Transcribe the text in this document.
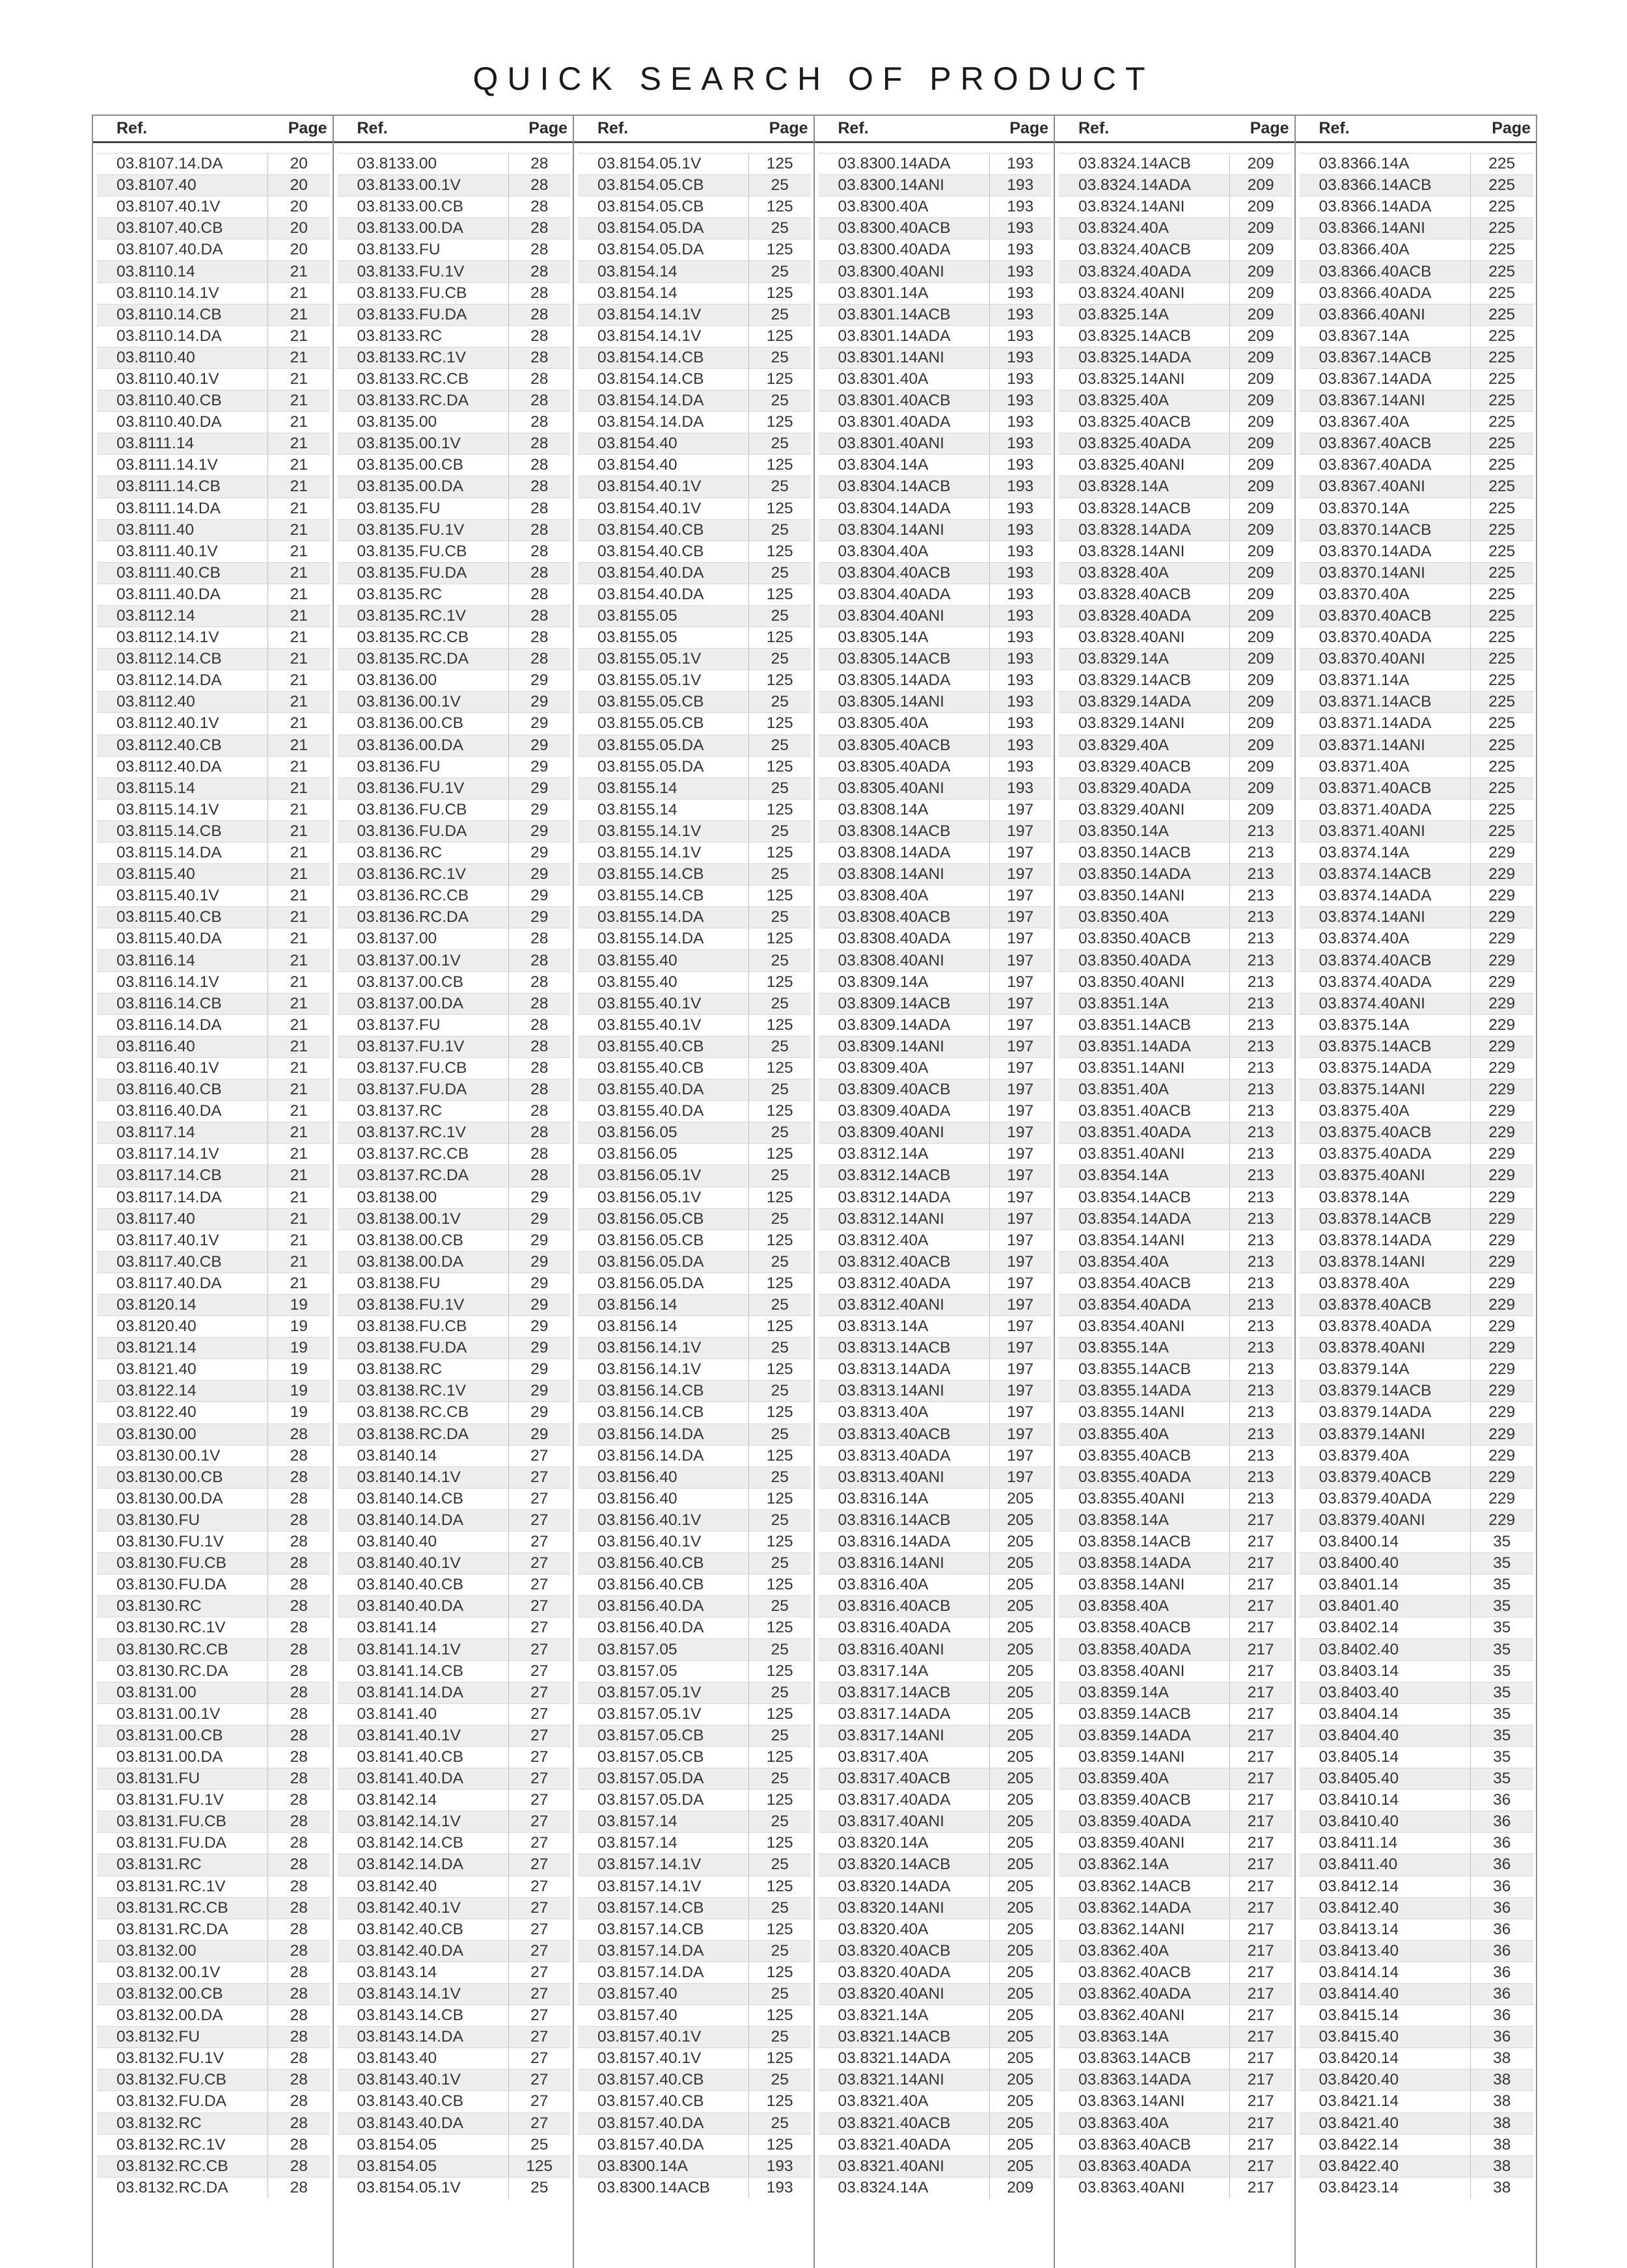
QUICK SEARCH OF PRODUCT
Ref.	Page
03.8107.14.DA	20
03.8107.40	20
03.8107.40.1V	20
03.8107.40.CB	20
03.8107.40.DA	20
03.8110.14	21
03.8110.14.1V	21
03.8110.14.CB	21
03.8110.14.DA	21
03.8110.40	21
03.8110.40.1V	21
03.8110.40.CB	21
03.8110.40.DA	21
03.8111.14	21
03.8111.14.1V	21
03.8111.14.CB	21
03.8111.14.DA	21
03.8111.40	21
03.8111.40.1V	21
03.8111.40.CB	21
03.8111.40.DA	21
03.8112.14	21
03.8112.14.1V	21
03.8112.14.CB	21
03.8112.14.DA	21
03.8112.40	21
03.8112.40.1V	21
03.8112.40.CB	21
03.8112.40.DA	21
03.8115.14	21
03.8115.14.1V	21
03.8115.14.CB	21
03.8115.14.DA	21
03.8115.40	21
03.8115.40.1V	21
03.8115.40.CB	21
03.8115.40.DA	21
03.8116.14	21
03.8116.14.1V	21
03.8116.14.CB	21
03.8116.14.DA	21
03.8116.40	21
03.8116.40.1V	21
03.8116.40.CB	21
03.8116.40.DA	21
03.8117.14	21
03.8117.14.1V	21
03.8117.14.CB	21
03.8117.14.DA	21
03.8117.40	21
03.8117.40.1V	21
03.8117.40.CB	21
03.8117.40.DA	21
03.8120.14	19
03.8120.40	19
03.8121.14	19
03.8121.40	19
03.8122.14	19
03.8122.40	19
03.8130.00	28
03.8130.00.1V	28
03.8130.00.CB	28
03.8130.00.DA	28
03.8130.FU	28
03.8130.FU.1V	28
03.8130.FU.CB	28
03.8130.FU.DA	28
03.8130.RC	28
03.8130.RC.1V	28
03.8130.RC.CB	28
03.8130.RC.DA	28
03.8131.00	28
03.8131.00.1V	28
03.8131.00.CB	28
03.8131.00.DA	28
03.8131.FU	28
03.8131.FU.1V	28
03.8131.FU.CB	28
03.8131.FU.DA	28
03.8131.RC	28
03.8131.RC.1V	28
03.8131.RC.CB	28
03.8131.RC.DA	28
03.8132.00	28
03.8132.00.1V	28
03.8132.00.CB	28
03.8132.00.DA	28
03.8132.FU	28
03.8132.FU.1V	28
03.8132.FU.CB	28
03.8132.FU.DA	28
03.8132.RC	28
03.8132.RC.1V	28
03.8132.RC.CB	28
03.8132.RC.DA	28
Ref.	Page
03.8133.00	28
03.8133.00.1V	28
03.8133.00.CB	28
03.8133.00.DA	28
03.8133.FU	28
03.8133.FU.1V	28
03.8133.FU.CB	28
03.8133.FU.DA	28
03.8133.RC	28
03.8133.RC.1V	28
03.8133.RC.CB	28
03.8133.RC.DA	28
03.8135.00	28
03.8135.00.1V	28
03.8135.00.CB	28
03.8135.00.DA	28
03.8135.FU	28
03.8135.FU.1V	28
03.8135.FU.CB	28
03.8135.FU.DA	28
03.8135.RC	28
03.8135.RC.1V	28
03.8135.RC.CB	28
03.8135.RC.DA	28
03.8136.00	29
03.8136.00.1V	29
03.8136.00.CB	29
03.8136.00.DA	29
03.8136.FU	29
03.8136.FU.1V	29
03.8136.FU.CB	29
03.8136.FU.DA	29
03.8136.RC	29
03.8136.RC.1V	29
03.8136.RC.CB	29
03.8136.RC.DA	29
03.8137.00	28
03.8137.00.1V	28
03.8137.00.CB	28
03.8137.00.DA	28
03.8137.FU	28
03.8137.FU.1V	28
03.8137.FU.CB	28
03.8137.FU.DA	28
03.8137.RC	28
03.8137.RC.1V	28
03.8137.RC.CB	28
03.8137.RC.DA	28
03.8138.00	29
03.8138.00.1V	29
03.8138.00.CB	29
03.8138.00.DA	29
03.8138.FU	29
03.8138.FU.1V	29
03.8138.FU.CB	29
03.8138.FU.DA	29
03.8138.RC	29
03.8138.RC.1V	29
03.8138.RC.CB	29
03.8138.RC.DA	29
03.8140.14	27
03.8140.14.1V	27
03.8140.14.CB	27
03.8140.14.DA	27
03.8140.40	27
03.8140.40.1V	27
03.8140.40.CB	27
03.8140.40.DA	27
03.8141.14	27
03.8141.14.1V	27
03.8141.14.CB	27
03.8141.14.DA	27
03.8141.40	27
03.8141.40.1V	27
03.8141.40.CB	27
03.8141.40.DA	27
03.8142.14	27
03.8142.14.1V	27
03.8142.14.CB	27
03.8142.14.DA	27
03.8142.40	27
03.8142.40.1V	27
03.8142.40.CB	27
03.8142.40.DA	27
03.8143.14	27
03.8143.14.1V	27
03.8143.14.CB	27
03.8143.14.DA	27
03.8143.40	27
03.8143.40.1V	27
03.8143.40.CB	27
03.8143.40.DA	27
03.8154.05	25
03.8154.05	125
03.8154.05.1V	25
Ref.	Page
03.8154.05.1V	125
03.8154.05.CB	25
03.8154.05.CB	125
03.8154.05.DA	25
03.8154.05.DA	125
03.8154.14	25
03.8154.14	125
03.8154.14.1V	25
03.8154.14.1V	125
03.8154.14.CB	25
03.8154.14.CB	125
03.8154.14.DA	25
03.8154.14.DA	125
03.8154.40	25
03.8154.40	125
03.8154.40.1V	25
03.8154.40.1V	125
03.8154.40.CB	25
03.8154.40.CB	125
03.8154.40.DA	25
03.8154.40.DA	125
03.8155.05	25
03.8155.05	125
03.8155.05.1V	25
03.8155.05.1V	125
03.8155.05.CB	25
03.8155.05.CB	125
03.8155.05.DA	25
03.8155.05.DA	125
03.8155.14	25
03.8155.14	125
03.8155.14.1V	25
03.8155.14.1V	125
03.8155.14.CB	25
03.8155.14.CB	125
03.8155.14.DA	25
03.8155.14.DA	125
03.8155.40	25
03.8155.40	125
03.8155.40.1V	25
03.8155.40.1V	125
03.8155.40.CB	25
03.8155.40.CB	125
03.8155.40.DA	25
03.8155.40.DA	125
03.8156.05	25
03.8156.05	125
03.8156.05.1V	25
03.8156.05.1V	125
03.8156.05.CB	25
03.8156.05.CB	125
03.8156.05.DA	25
03.8156.05.DA	125
03.8156.14	25
03.8156.14	125
03.8156.14.1V	25
03.8156.14.1V	125
03.8156.14.CB	25
03.8156.14.CB	125
03.8156.14.DA	25
03.8156.14.DA	125
03.8156.40	25
03.8156.40	125
03.8156.40.1V	25
03.8156.40.1V	125
03.8156.40.CB	25
03.8156.40.CB	125
03.8156.40.DA	25
03.8156.40.DA	125
03.8157.05	25
03.8157.05	125
03.8157.05.1V	25
03.8157.05.1V	125
03.8157.05.CB	25
03.8157.05.CB	125
03.8157.05.DA	25
03.8157.05.DA	125
03.8157.14	25
03.8157.14	125
03.8157.14.1V	25
03.8157.14.1V	125
03.8157.14.CB	25
03.8157.14.CB	125
03.8157.14.DA	25
03.8157.14.DA	125
03.8157.40	25
03.8157.40	125
03.8157.40.1V	25
03.8157.40.1V	125
03.8157.40.CB	25
03.8157.40.CB	125
03.8157.40.DA	25
03.8157.40.DA	125
03.8300.14A	193
03.8300.14ACB	193
Ref.	Page
03.8300.14ADA	193
03.8300.14ANI	193
03.8300.40A	193
03.8300.40ACB	193
03.8300.40ADA	193
03.8300.40ANI	193
03.8301.14A	193
03.8301.14ACB	193
03.8301.14ADA	193
03.8301.14ANI	193
03.8301.40A	193
03.8301.40ACB	193
03.8301.40ADA	193
03.8301.40ANI	193
03.8304.14A	193
03.8304.14ACB	193
03.8304.14ADA	193
03.8304.14ANI	193
03.8304.40A	193
03.8304.40ACB	193
03.8304.40ADA	193
03.8304.40ANI	193
03.8305.14A	193
03.8305.14ACB	193
03.8305.14ADA	193
03.8305.14ANI	193
03.8305.40A	193
03.8305.40ACB	193
03.8305.40ADA	193
03.8305.40ANI	193
03.8308.14A	197
03.8308.14ACB	197
03.8308.14ADA	197
03.8308.14ANI	197
03.8308.40A	197
03.8308.40ACB	197
03.8308.40ADA	197
03.8308.40ANI	197
03.8309.14A	197
03.8309.14ACB	197
03.8309.14ADA	197
03.8309.14ANI	197
03.8309.40A	197
03.8309.40ACB	197
03.8309.40ADA	197
03.8309.40ANI	197
03.8312.14A	197
03.8312.14ACB	197
03.8312.14ADA	197
03.8312.14ANI	197
03.8312.40A	197
03.8312.40ACB	197
03.8312.40ADA	197
03.8312.40ANI	197
03.8313.14A	197
03.8313.14ACB	197
03.8313.14ADA	197
03.8313.14ANI	197
03.8313.40A	197
03.8313.40ACB	197
03.8313.40ADA	197
03.8313.40ANI	197
03.8316.14A	205
03.8316.14ACB	205
03.8316.14ADA	205
03.8316.14ANI	205
03.8316.40A	205
03.8316.40ACB	205
03.8316.40ADA	205
03.8316.40ANI	205
03.8317.14A	205
03.8317.14ACB	205
03.8317.14ADA	205
03.8317.14ANI	205
03.8317.40A	205
03.8317.40ACB	205
03.8317.40ADA	205
03.8317.40ANI	205
03.8320.14A	205
03.8320.14ACB	205
03.8320.14ADA	205
03.8320.14ANI	205
03.8320.40A	205
03.8320.40ACB	205
03.8320.40ADA	205
03.8320.40ANI	205
03.8321.14A	205
03.8321.14ACB	205
03.8321.14ADA	205
03.8321.14ANI	205
03.8321.40A	205
03.8321.40ACB	205
03.8321.40ADA	205
03.8321.40ANI	205
03.8324.14A	209
Ref.	Page
03.8324.14ACB	209
03.8324.14ADA	209
03.8324.14ANI	209
03.8324.40A	209
03.8324.40ACB	209
03.8324.40ADA	209
03.8324.40ANI	209
03.8325.14A	209
03.8325.14ACB	209
03.8325.14ADA	209
03.8325.14ANI	209
03.8325.40A	209
03.8325.40ACB	209
03.8325.40ADA	209
03.8325.40ANI	209
03.8328.14A	209
03.8328.14ACB	209
03.8328.14ADA	209
03.8328.14ANI	209
03.8328.40A	209
03.8328.40ACB	209
03.8328.40ADA	209
03.8328.40ANI	209
03.8329.14A	209
03.8329.14ACB	209
03.8329.14ADA	209
03.8329.14ANI	209
03.8329.40A	209
03.8329.40ACB	209
03.8329.40ADA	209
03.8329.40ANI	209
03.8350.14A	213
03.8350.14ACB	213
03.8350.14ADA	213
03.8350.14ANI	213
03.8350.40A	213
03.8350.40ACB	213
03.8350.40ADA	213
03.8350.40ANI	213
03.8351.14A	213
03.8351.14ACB	213
03.8351.14ADA	213
03.8351.14ANI	213
03.8351.40A	213
03.8351.40ACB	213
03.8351.40ADA	213
03.8351.40ANI	213
03.8354.14A	213
03.8354.14ACB	213
03.8354.14ADA	213
03.8354.14ANI	213
03.8354.40A	213
03.8354.40ACB	213
03.8354.40ADA	213
03.8354.40ANI	213
03.8355.14A	213
03.8355.14ACB	213
03.8355.14ADA	213
03.8355.14ANI	213
03.8355.40A	213
03.8355.40ACB	213
03.8355.40ADA	213
03.8355.40ANI	213
03.8358.14A	217
03.8358.14ACB	217
03.8358.14ADA	217
03.8358.14ANI	217
03.8358.40A	217
03.8358.40ACB	217
03.8358.40ADA	217
03.8358.40ANI	217
03.8359.14A	217
03.8359.14ACB	217
03.8359.14ADA	217
03.8359.14ANI	217
03.8359.40A	217
03.8359.40ACB	217
03.8359.40ADA	217
03.8359.40ANI	217
03.8362.14A	217
03.8362.14ACB	217
03.8362.14ADA	217
03.8362.14ANI	217
03.8362.40A	217
03.8362.40ACB	217
03.8362.40ADA	217
03.8362.40ANI	217
03.8363.14A	217
03.8363.14ACB	217
03.8363.14ADA	217
03.8363.14ANI	217
03.8363.40A	217
03.8363.40ACB	217
03.8363.40ADA	217
03.8363.40ANI	217
Ref.	Page
03.8366.14A	225
03.8366.14ACB	225
03.8366.14ADA	225
03.8366.14ANI	225
03.8366.40A	225
03.8366.40ACB	225
03.8366.40ADA	225
03.8366.40ANI	225
03.8367.14A	225
03.8367.14ACB	225
03.8367.14ADA	225
03.8367.14ANI	225
03.8367.40A	225
03.8367.40ACB	225
03.8367.40ADA	225
03.8367.40ANI	225
03.8370.14A	225
03.8370.14ACB	225
03.8370.14ADA	225
03.8370.14ANI	225
03.8370.40A	225
03.8370.40ACB	225
03.8370.40ADA	225
03.8370.40ANI	225
03.8371.14A	225
03.8371.14ACB	225
03.8371.14ADA	225
03.8371.14ANI	225
03.8371.40A	225
03.8371.40ACB	225
03.8371.40ADA	225
03.8371.40ANI	225
03.8374.14A	229
03.8374.14ACB	229
03.8374.14ADA	229
03.8374.14ANI	229
03.8374.40A	229
03.8374.40ACB	229
03.8374.40ADA	229
03.8374.40ANI	229
03.8375.14A	229
03.8375.14ACB	229
03.8375.14ADA	229
03.8375.14ANI	229
03.8375.40A	229
03.8375.40ACB	229
03.8375.40ADA	229
03.8375.40ANI	229
03.8378.14A	229
03.8378.14ACB	229
03.8378.14ADA	229
03.8378.14ANI	229
03.8378.40A	229
03.8378.40ACB	229
03.8378.40ADA	229
03.8378.40ANI	229
03.8379.14A	229
03.8379.14ACB	229
03.8379.14ADA	229
03.8379.14ANI	229
03.8379.40A	229
03.8379.40ACB	229
03.8379.40ADA	229
03.8379.40ANI	229
03.8400.14	35
03.8400.40	35
03.8401.14	35
03.8401.40	35
03.8402.14	35
03.8402.40	35
03.8403.14	35
03.8403.40	35
03.8404.14	35
03.8404.40	35
03.8405.14	35
03.8405.40	35
03.8410.14	36
03.8410.40	36
03.8411.14	36
03.8411.40	36
03.8412.14	36
03.8412.40	36
03.8413.14	36
03.8413.40	36
03.8414.14	36
03.8414.40	36
03.8415.14	36
03.8415.40	36
03.8420.14	38
03.8420.40	38
03.8421.14	38
03.8421.40	38
03.8422.14	38
03.8422.40	38
03.8423.14	38
